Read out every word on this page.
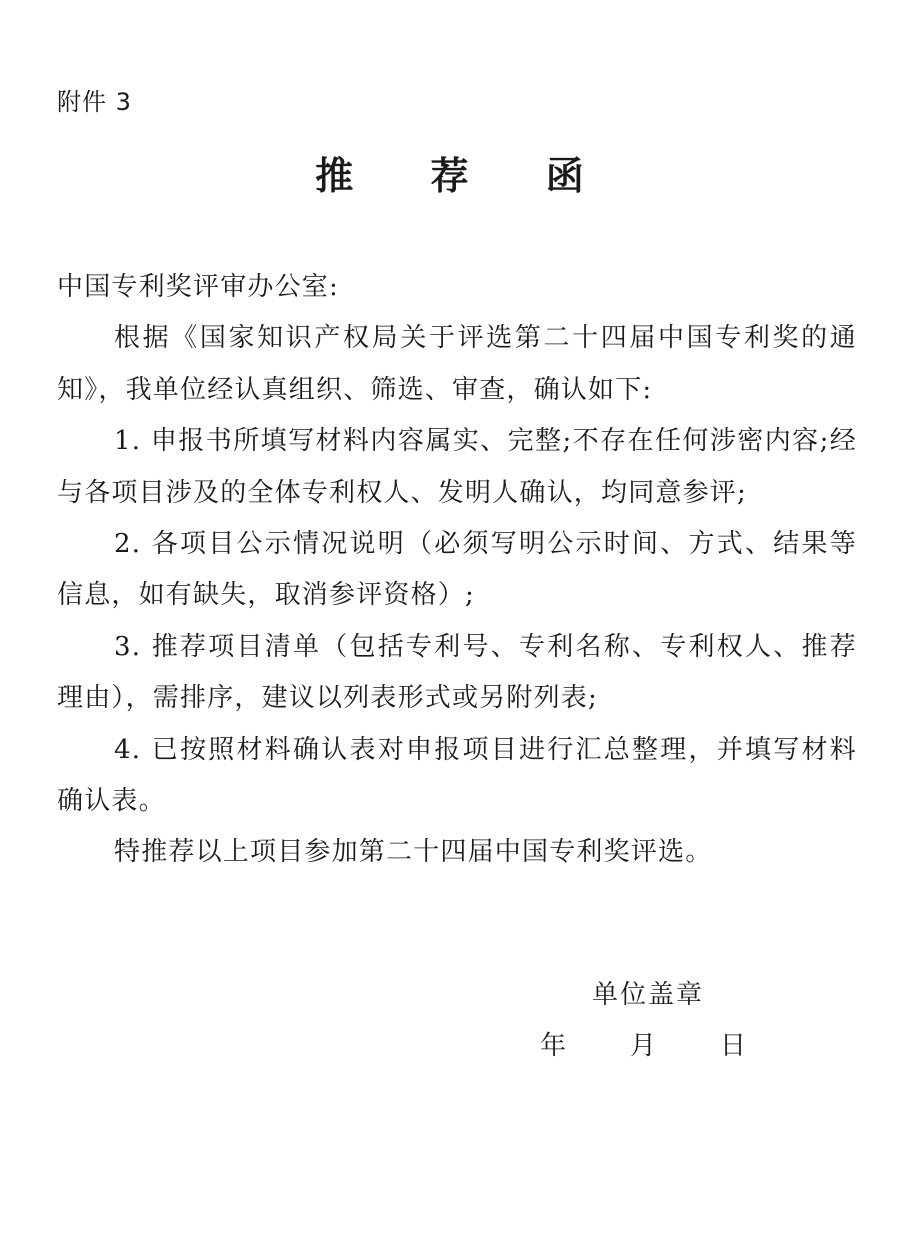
附件 3
推 荐 函

中国专利奖评审办公室:

根据《国家知识产权局关于评选第二十四届中国专利奖的通知》，我单位经认真组织、筛选、审查，确认如下:

1. 申报书所填写材料内容属实、完整;不存在任何涉密内容;经与各项目涉及的全体专利权人、发明人确认，均同意参评;

2. 各项目公示情况说明（必须写明公示时间、方式、结果等信息，如有缺失，取消参评资格）;

3. 推荐项目清单（包括专利号、专利名称、专利权人、推荐理由），需排序，建议以列表形式或另附列表;

4. 已按照材料确认表对申报项目进行汇总整理，并填写材料确认表。

特推荐以上项目参加第二十四届中国专利奖评选。

单位盖章
年 月 日
